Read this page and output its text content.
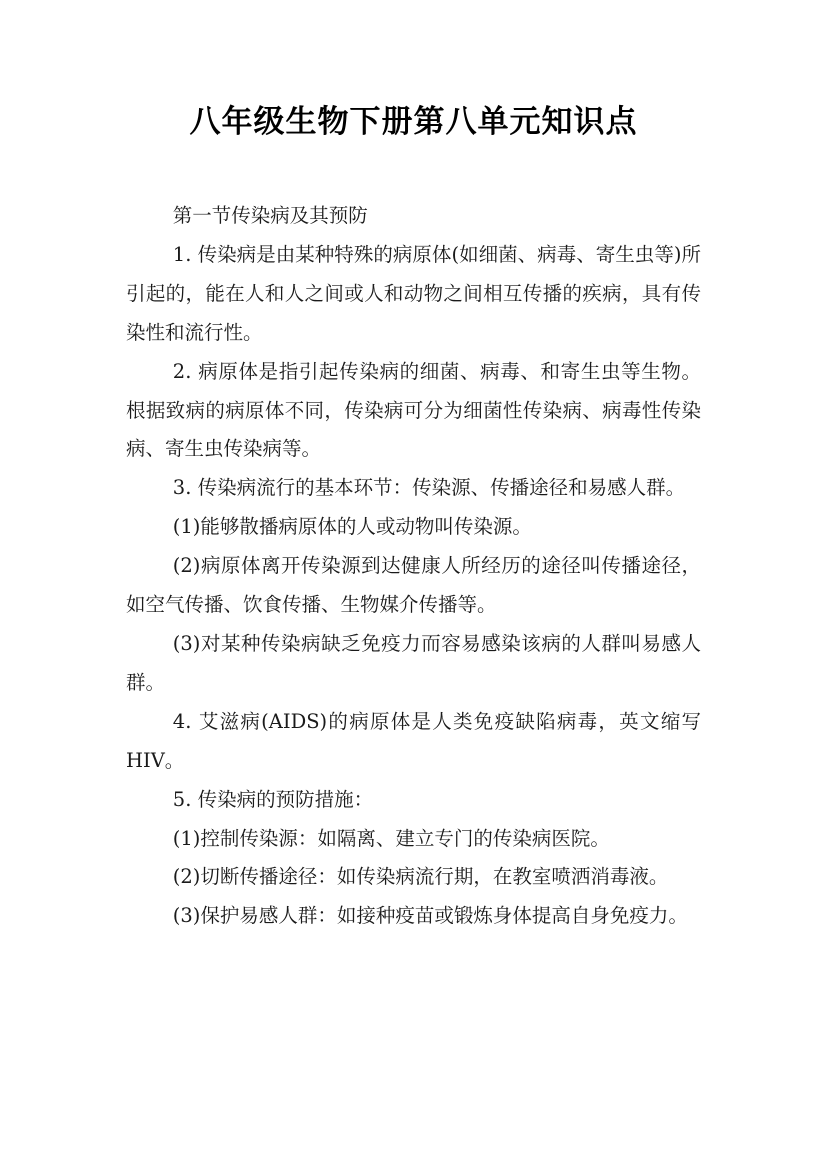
八年级生物下册第八单元知识点

第一节传染病及其预防

1. 传染病是由某种特殊的病原体(如细菌、病毒、寄生虫等)所引起的，能在人和人之间或人和动物之间相互传播的疾病，具有传染性和流行性。

2. 病原体是指引起传染病的细菌、病毒、和寄生虫等生物。根据致病的病原体不同，传染病可分为细菌性传染病、病毒性传染病、寄生虫传染病等。

3. 传染病流行的基本环节：传染源、传播途径和易感人群。

(1)能够散播病原体的人或动物叫传染源。

(2)病原体离开传染源到达健康人所经历的途径叫传播途径，如空气传播、饮食传播、生物媒介传播等。

(3)对某种传染病缺乏免疫力而容易感染该病的人群叫易感人群。

4. 艾滋病(AIDS)的病原体是人类免疫缺陷病毒，英文缩写HIV。

5. 传染病的预防措施：

(1)控制传染源：如隔离、建立专门的传染病医院。

(2)切断传播途径：如传染病流行期，在教室喷洒消毒液。

(3)保护易感人群：如接种疫苗或锻炼身体提高自身免疫力。
